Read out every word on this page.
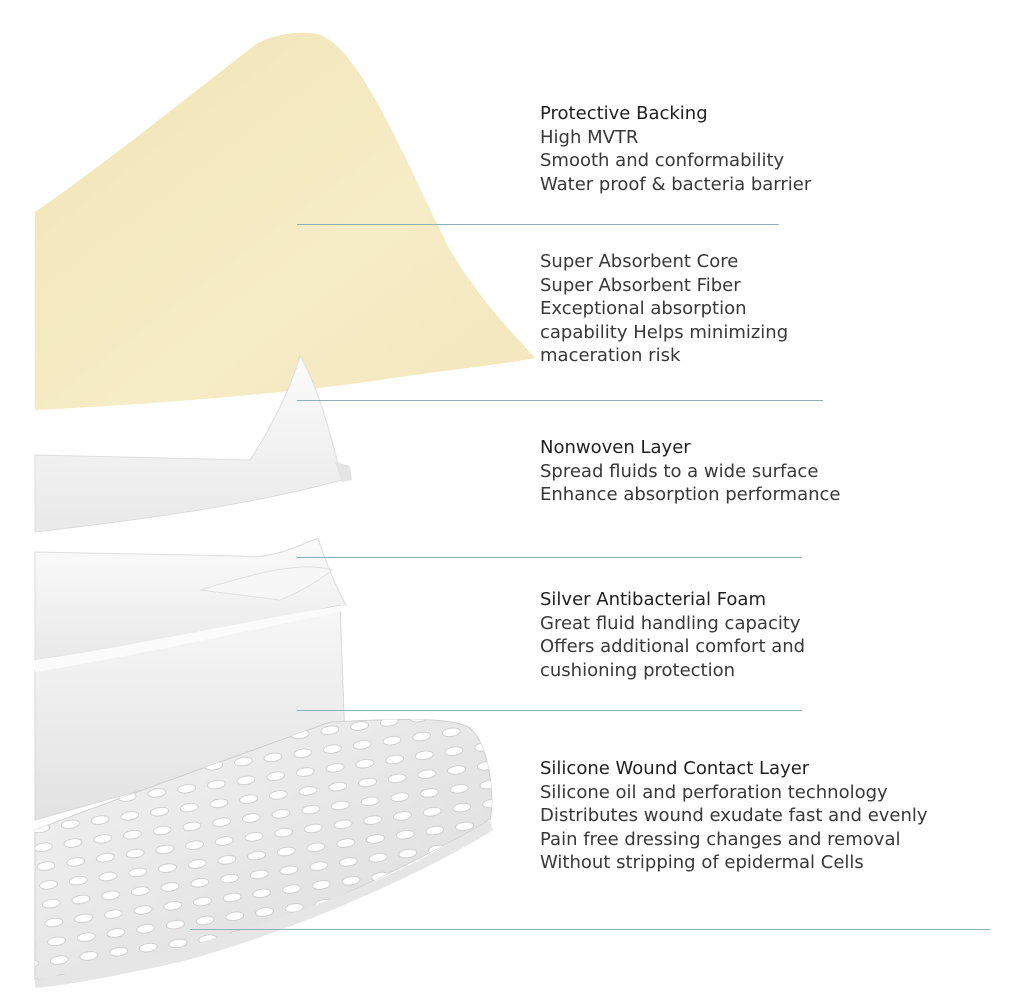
Protective Backing
High MVTR
Smooth and conformability
Water proof & bacteria barrier
Super Absorbent Core
Super Absorbent Fiber
Exceptional absorption
capability Helps minimizing
maceration risk
Nonwoven Layer
Spread fluids to a wide surface
Enhance absorption performance
Silver Antibacterial Foam
Great fluid handling capacity
Offers additional comfort and
cushioning protection
Silicone Wound Contact Layer
Silicone oil and perforation technology
Distributes wound exudate fast and evenly
Pain free dressing changes and removal
Without stripping of epidermal Cells
